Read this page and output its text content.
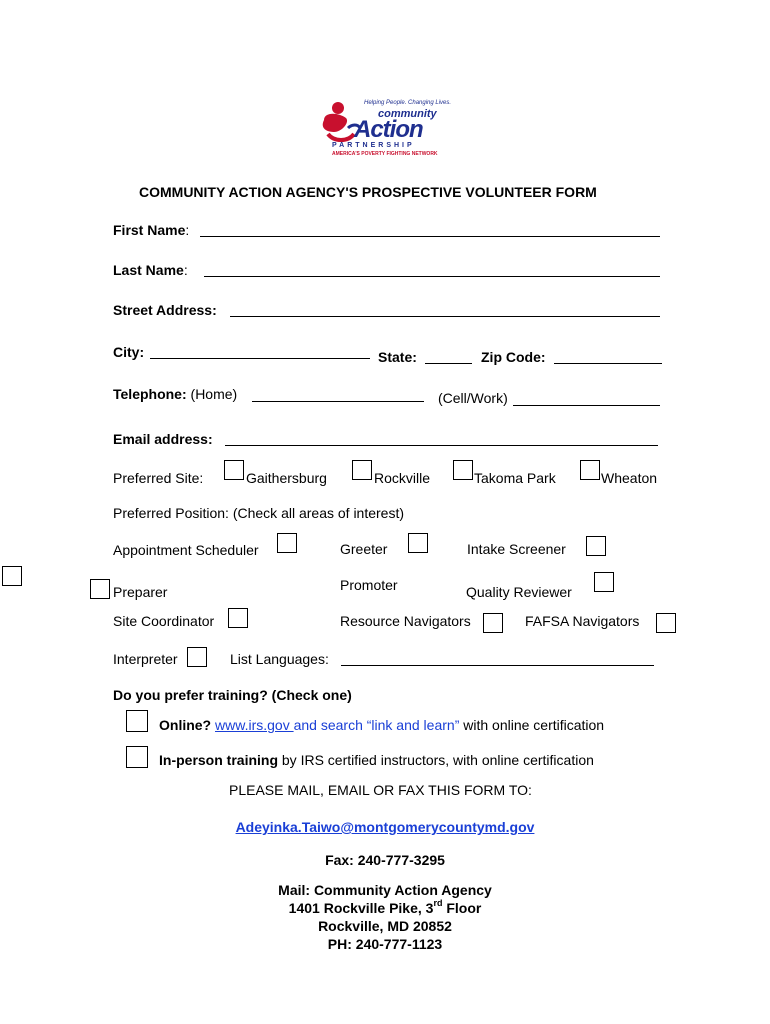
Helping People. Changing Lives.
community
Action
PARTNERSHIP
AMERICA'S POVERTY FIGHTING NETWORK
COMMUNITY ACTION AGENCY'S PROSPECTIVE VOLUNTEER FORM
First Name:
Last Name:
Street Address:
City:	State:	Zip Code:
Telephone: (Home)	(Cell/Work)
Email address:
Preferred Site:	Gaithersburg	Rockville	Takoma Park	Wheaton
Preferred Position: (Check all areas of interest)
Appointment Scheduler	Greeter	Intake Screener
Preparer	Promoter	Quality Reviewer
Site Coordinator	Resource Navigators	FAFSA Navigators
Interpreter	List Languages:
Do you prefer training? (Check one)
Online? www.irs.gov and search “link and learn” with online certification
In-person training by IRS certified instructors, with online certification
PLEASE MAIL, EMAIL OR FAX THIS FORM TO:
Adeyinka.Taiwo@montgomerycountymd.gov
Fax: 240-777-3295
Mail: Community Action Agency
1401 Rockville Pike, 3rd Floor
Rockville, MD 20852
PH: 240-777-1123
